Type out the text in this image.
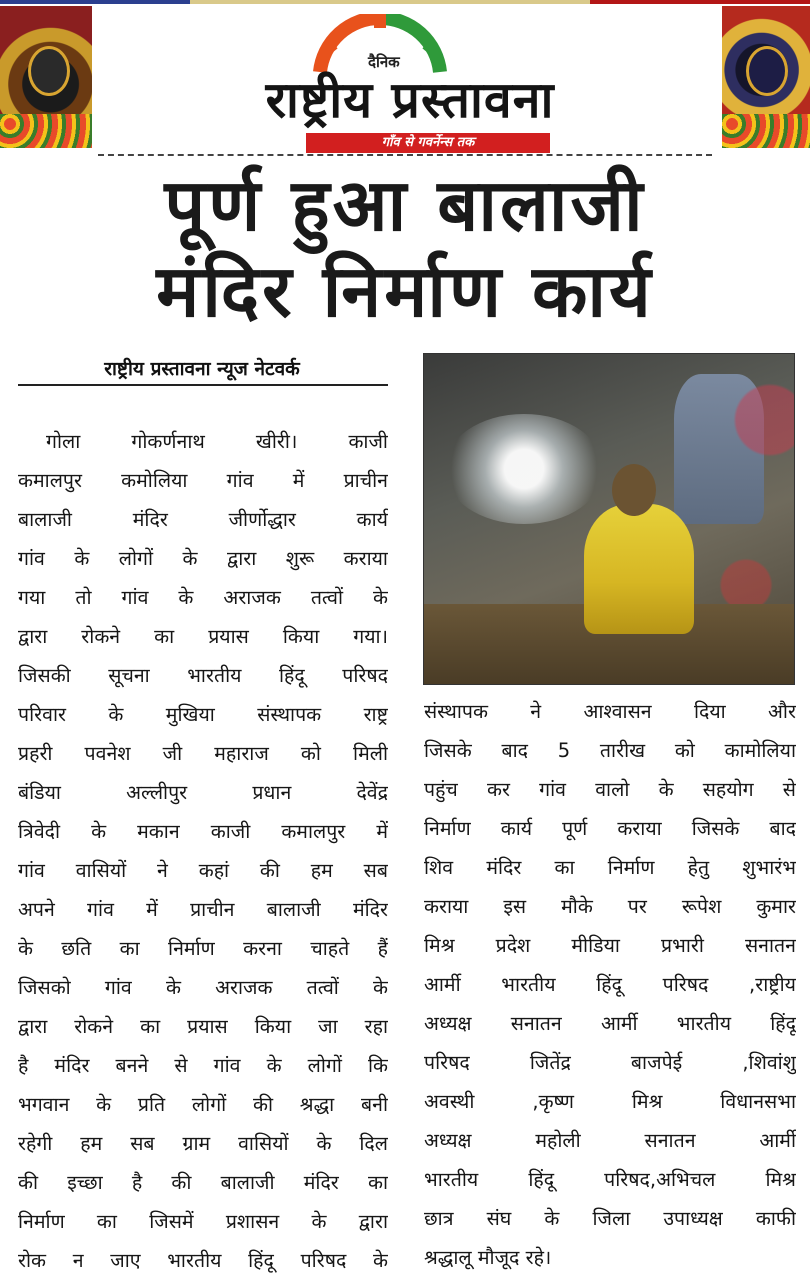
दैनिक
राष्ट्रीय प्रस्तावना
गाँव से गवर्नेन्स तक
पूर्ण हुआ बालाजी
मंदिर निर्माण कार्य
राष्ट्रीय प्रस्तावना न्यूज नेटवर्क
गोला गोकर्णनाथ खीरी। काजी
कमालपुर कमोलिया गांव में प्राचीन
बालाजी मंदिर जीर्णोद्धार कार्य
गांव के लोगों के द्वारा शुरू कराया
गया तो गांव के अराजक तत्वों के
द्वारा रोकने का प्रयास किया गया।
जिसकी सूचना भारतीय हिंदू परिषद
परिवार के मुखिया संस्थापक राष्ट्र
प्रहरी पवनेश जी महाराज को मिली
बंडिया अल्लीपुर प्रधान देवेंद्र
त्रिवेदी के मकान काजी कमालपुर में
गांव वासियों ने कहां की हम सब
अपने गांव में प्राचीन बालाजी मंदिर
के छति का निर्माण करना चाहते हैं
जिसको गांव के अराजक तत्वों के
द्वारा रोकने का प्रयास किया जा रहा
है मंदिर बनने से गांव के लोगों कि
भगवान के प्रति लोगों की श्रद्धा बनी
रहेगी हम सब ग्राम वासियों के दिल
की इच्छा है की बालाजी मंदिर का
निर्माण का जिसमें प्रशासन के द्वारा
रोक न जाए भारतीय हिंदू परिषद के
संस्थापक ने आश्वासन दिया और
जिसके बाद 5 तारीख को कामोलिया
पहुंच कर गांव वालो के सहयोग से
निर्माण कार्य पूर्ण कराया जिसके बाद
शिव मंदिर का निर्माण हेतु शुभारंभ
कराया इस मौके पर रूपेश कुमार
मिश्र प्रदेश मीडिया प्रभारी सनातन
आर्मी भारतीय हिंदू परिषद ,राष्ट्रीय
अध्यक्ष सनातन आर्मी भारतीय हिंदू
परिषद जितेंद्र बाजपेई ,शिवांशु
अवस्थी ,कृष्ण मिश्र विधानसभा
अध्यक्ष महोली सनातन आर्मी
भारतीय हिंदू परिषद,अभिचल मिश्र
छात्र संघ के जिला उपाध्यक्ष काफी
श्रद्धालू मौजूद रहे।
